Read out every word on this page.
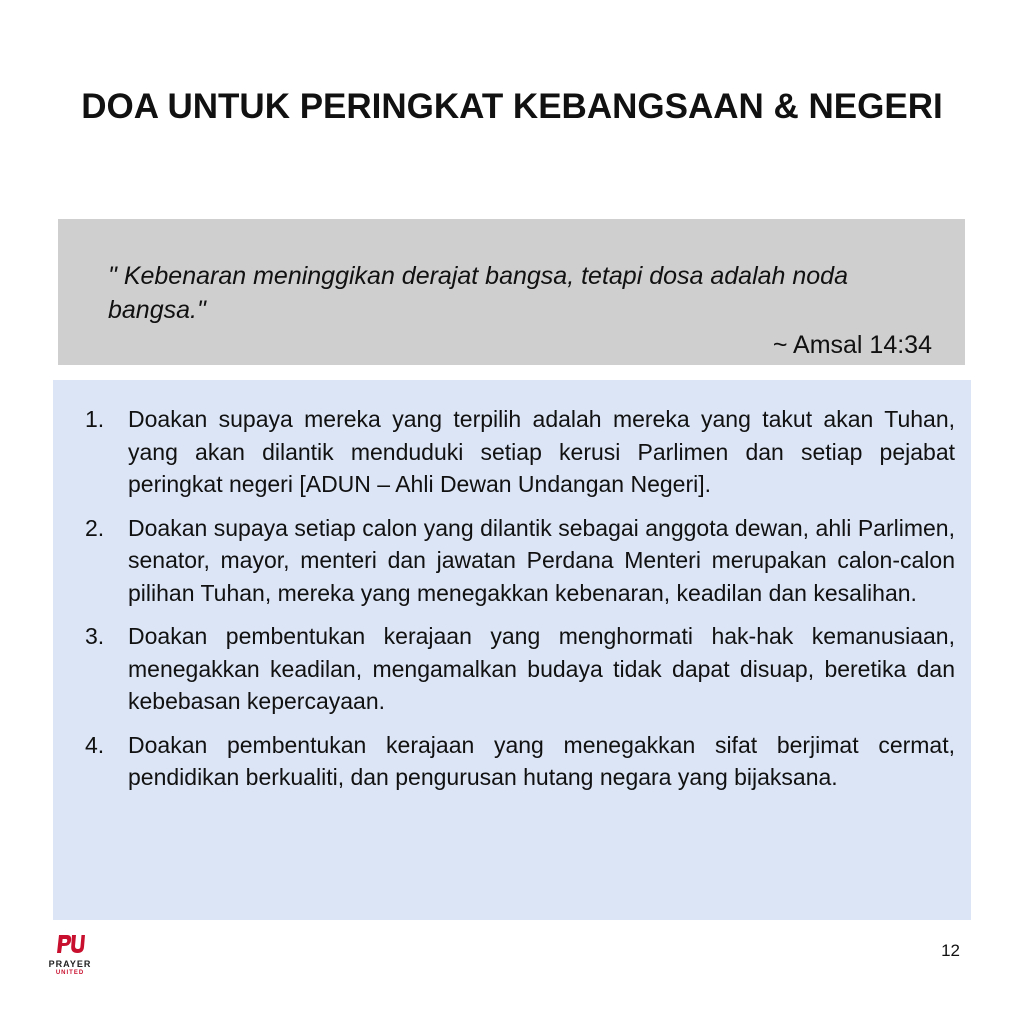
DOA UNTUK PERINGKAT KEBANGSAAN & NEGERI
" Kebenaran meninggikan derajat bangsa, tetapi dosa adalah noda bangsa."
~ Amsal 14:34
1. Doakan supaya mereka yang terpilih adalah mereka yang takut akan Tuhan, yang akan dilantik menduduki setiap kerusi Parlimen dan setiap pejabat peringkat negeri [ADUN – Ahli Dewan Undangan Negeri].
2. Doakan supaya setiap calon yang dilantik sebagai anggota dewan, ahli Parlimen, senator, mayor, menteri dan jawatan Perdana Menteri merupakan calon-calon pilihan Tuhan, mereka yang menegakkan kebenaran, keadilan dan kesalihan.
3. Doakan pembentukan kerajaan yang menghormati hak-hak kemanusiaan, menegakkan keadilan, mengamalkan budaya tidak dapat disuap, beretika dan kebebasan kepercayaan.
4. Doakan pembentukan kerajaan yang menegakkan sifat berjimat cermat, pendidikan berkualiti, dan pengurusan hutang negara yang bijaksana.
PRAYER
UNITED
12
